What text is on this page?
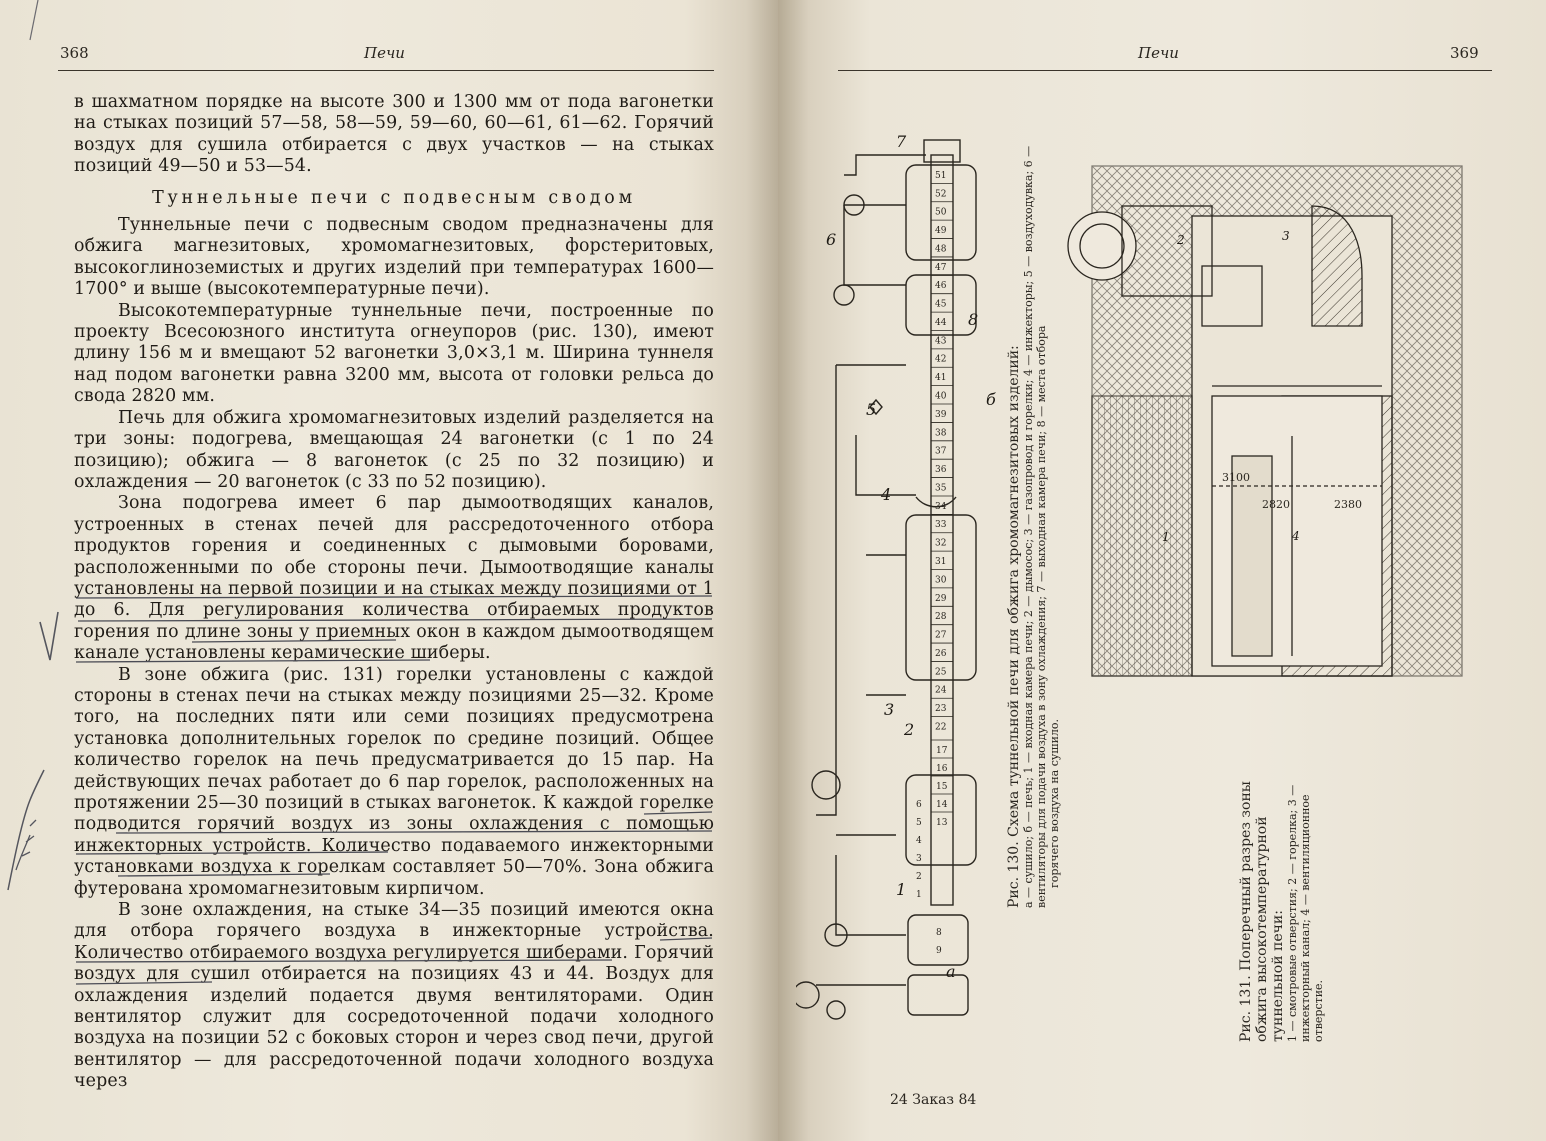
368	Печи

в шахматном порядке на высоте 300 и 1300 мм от пода вагонетки на стыках позиций 57—58, 58—59, 59—60, 60—61, 61—62. Горячий воздух для сушила отбирается с двух участков — на стыках позиций 49—50 и 53—54.

Туннельные печи с подвесным сводом

Туннельные печи с подвесным сводом предназначены для обжига магнезитовых, хромомагнезитовых, форстеритовых, высокоглиноземистых и других изделий при температурах 1600—1700° и выше (высокотемпературные печи).

Высокотемпературные туннельные печи, построенные по проекту Всесоюзного института огнеупоров (рис. 130), имеют длину 156 м и вмещают 52 вагонетки 3,0×3,1 м. Ширина туннеля над подом вагонетки равна 3200 мм, высота от головки рельса до свода 2820 мм.

Печь для обжига хромомагнезитовых изделий разделяется на три зоны: подогрева, вмещающая 24 вагонетки (с 1 по 24 позицию); обжига — 8 вагонеток (с 25 по 32 позицию) и охлаждения — 20 вагонеток (с 33 по 52 позицию).

Зона подогрева имеет 6 пар дымоотводящих каналов, устроенных в стенах печей для рассредоточенного отбора продуктов горения и соединенных с дымовыми боровами, расположенными по обе стороны печи. Дымоотводящие каналы установлены на первой позиции и на стыках между позициями от 1 до 6. Для регулирования количества отбираемых продуктов горения по длине зоны у приемных окон в каждом дымоотводящем канале установлены керамические шиберы.

В зоне обжига (рис. 131) горелки установлены с каждой стороны в стенах печи на стыках между позициями 25—32. Кроме того, на последних пяти или семи позициях предусмотрена установка дополнительных горелок по средине позиций. Общее количество горелок на печь предусматривается до 15 пар. На действующих печах работает до 6 пар горелок, расположенных на протяжении 25—30 позиций в стыках вагонеток. К каждой горелке подводится горячий воздух из зоны охлаждения с помощью инжекторных устройств. Количество подаваемого инжекторными установками воздуха к горелкам составляет 50—70%. Зона обжига футерована хромомагнезитовым кирпичом.

В зоне охлаждения, на стыке 34—35 позиций имеются окна для отбора горячего воздуха в инжекторные устройства. Количество отбираемого воздуха регулируется шиберами. Горячий воздух для сушил отбирается на позициях 43 и 44. Воздух для охлаждения изделий подается двумя вентиляторами. Один вентилятор служит для сосредоточенной подачи холодного воздуха на позиции 52 с боковых сторон и через свод печи, другой вентилятор — для рассредоточенной подачи холодного воздуха через

Печи	369
51
52
50
49
48
47
46
45
44
43
42
41
40
39
38
37
36
35
34
33
32
31
30
29
28
27
26
25
24
23
22
17
16
15
14
13
6
5
4
3
2
1
8
9
7
6
8
б
5
4
3
2
1
а
Рис. 130. Схема туннельной печи для обжига хромомагнезитовых изделий: а — сушило; б — печь; 1 — входная камера печи; 2 — дымосос; 3 — газопровод и горелки; 4 — инжекторы; 5 — воздуходувка; 6 — вентиляторы для подачи воздуха в зону охлаждения; 7 — выходная камера печи; 8 — места отбора горячего воздуха на сушило.
3100
2820	2380
1
2	3
4
Рис. 131. Поперечный разрез зоны обжига высокотемпературной туннельной печи: 1 — смотровые отверстия; 2 — горелка; 3 — инжекторный канал; 4 — вентиляционное отверстие.
24 Заказ 84
